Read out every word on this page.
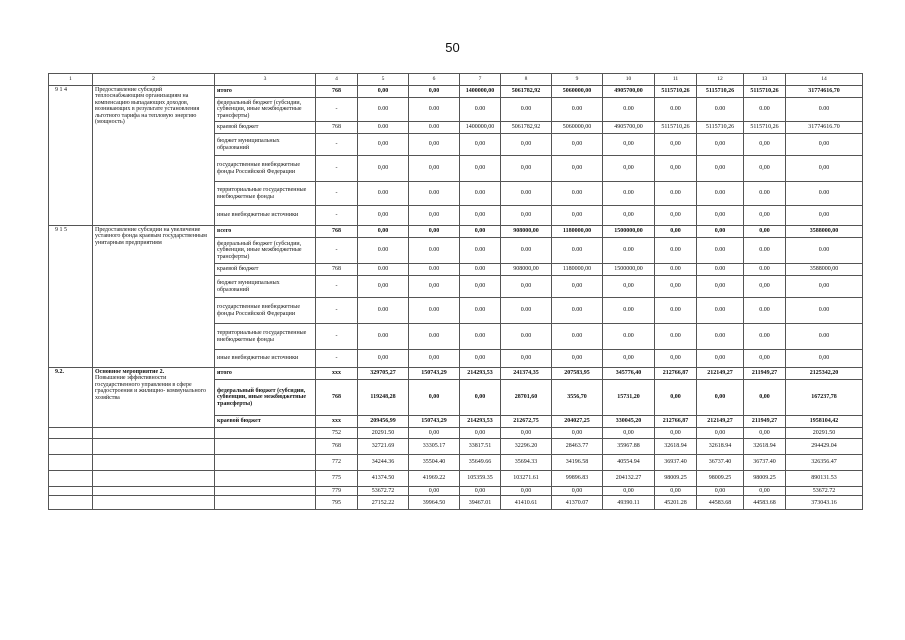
50
1	2	3	4	5	6	7	8	9	10	11	12	13	14
9 1 4	Предоставление субсидий теплоснабжающим организациям на компенсацию выпадающих доходов, возникающих в результате установления льготного тарифа на тепловую энергию (мощность)	итого	768	0,00	0,00	1400000,00	5061782,92	5060000,00	4905700,00	5115710,26	5115710,26	5115710,26	31774616,70
		федеральный бюджет (субсидии, субвенции, иные межбюджетные трансферты)	-	0.00	0.00	0.00	0.00	0.00	0.00	0.00	0.00	0.00	0.00
		краевой бюджет	768	0.00	0.00	1400000,00	5061782,92	5060000,00	4905700,00	5115710,26	5115710,26	5115710,26	31774616.70
		бюджет муниципальных образований	-	0,00	0,00	0,00	0,00	0,00	0,00	0,00	0,00	0,00	0,00
		государственные внебюджетные фонды Российской Федерации	-	0,00	0,00	0,00	0,00	0,00	0,00	0,00	0,00	0,00	0,00
		территориальные государственные внебюджетные фонды	-	0.00	0.00	0.00	0.00	0.00	0.00	0.00	0.00	0.00	0.00
		иные внебюджетные источники	-	0,00	0,00	0,00	0,00	0,00	0,00	0,00	0,00	0,00	0,00
9 1 5	Предоставление субсидии на увеличение уставного фонда краевым государственным унитарным предприятиям	всего	768	0,00	0,00	0,00	908000,00	1180000,00	1500000,00	0,00	0,00	0,00	3588000,00
		федеральный бюджет (субсидии, субвенции, иные межбюджетные трансферты)	-	0.00	0.00	0.00	0.00	0.00	0.00	0.00	0.00	0.00	0.00
		краевой бюджет	768	0.00	0.00	0.00	908000,00	1180000,00	1500000,00	0.00	0.00	0.00	3588000,00
		бюджет муниципальных образований	-	0,00	0,00	0,00	0,00	0,00	0,00	0,00	0,00	0,00	0,00
		государственные внебюджетные фонды Российской Федерации	-	0.00	0.00	0.00	0.00	0.00	0.00	0.00	0.00	0.00	0.00
		территориальные государственные внебюджетные фонды	-	0.00	0.00	0.00	0.00	0.00	0.00	0.00	0.00	0.00	0.00
		иные внебюджетные источники	-	0,00	0,00	0,00	0,00	0,00	0,00	0,00	0,00	0,00	0,00
9.2.	Основное мероприятие 2.
Повышение эффективности государственного управления в сфере градостроения и жилищно- коммунального хозяйства	итого	ххх	329705,27	150743,29	214293,53	241374,35	207583,95	345776,40	212766,87	212149,27	211949,27	2125342,20
		федеральный бюджет (субсидии, субвенции, иные межбюджетные трансферты)	768	119248,28	0,00	0,00	28701,60	3556,70	15731,20	0,00	0,00	0,00	167237,78
		краевой бюджет	ххх	209456,99	150743,29	214293,53	212672,75	204027,25	330045,20	212766,87	212149,27	211949,27	1958104,42
			752	20291.50	0,00	0,00	0,00	0,00	0,00	0,00	0,00	0,00	20291.50
			768	32721.69	33305.17	33817.51	32296.20	28463.77	35967.88	32618.94	32618.94	32618.94	294429.04
			772	34244.36	35504.40	35649.66	35694.33	34196.58	40554.94	36937.40	36737.40	36737.40	326356.47
			775	41374.50	41969.22	105359.35	103271.61	99896.83	204132.27	98009.25	98009.25	98009.25	890131.53
			779	53672.72	0,00	0,00	0,00	0,00	0,00	0,00	0,00	0,00	53672.72
			795	27152.22	39964.50	39467.01	41410.61	41370.07	49390.11	45201.28	44583.68	44583.68	373043.16
